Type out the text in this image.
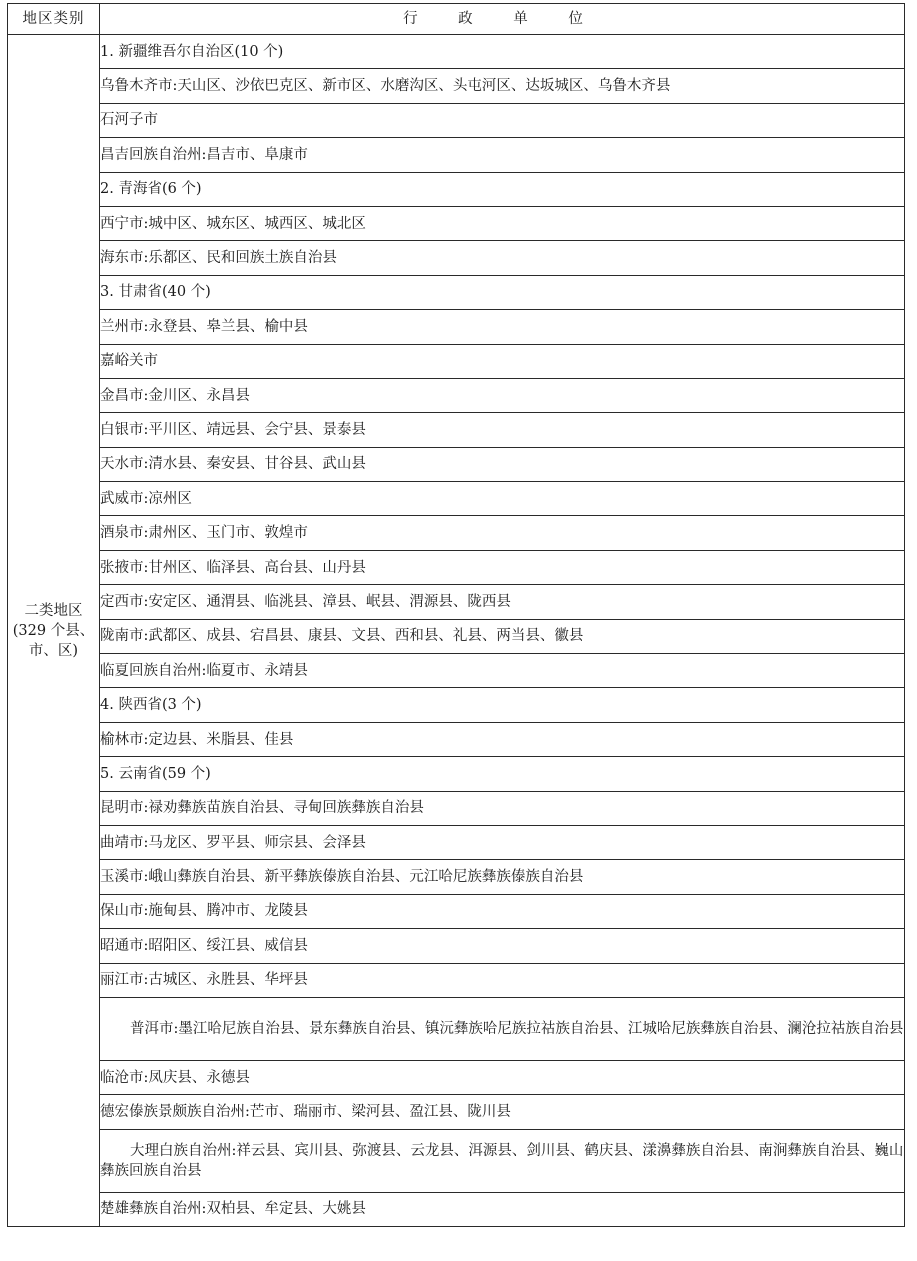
地区类别	行 政 单 位

二类地区
(329 个县、
市、区)	1. 新疆维吾尔自治区(10 个)
	乌鲁木齐市:天山区、沙依巴克区、新市区、水磨沟区、头屯河区、达坂城区、乌鲁木齐县
	石河子市
	昌吉回族自治州:昌吉市、阜康市
	2. 青海省(6 个)
	西宁市:城中区、城东区、城西区、城北区
	海东市:乐都区、民和回族土族自治县
	3. 甘肃省(40 个)
	兰州市:永登县、皋兰县、榆中县
	嘉峪关市
	金昌市:金川区、永昌县
	白银市:平川区、靖远县、会宁县、景泰县
	天水市:清水县、秦安县、甘谷县、武山县
	武威市:凉州区
	酒泉市:肃州区、玉门市、敦煌市
	张掖市:甘州区、临泽县、高台县、山丹县
	定西市:安定区、通渭县、临洮县、漳县、岷县、渭源县、陇西县
	陇南市:武都区、成县、宕昌县、康县、文县、西和县、礼县、两当县、徽县
	临夏回族自治州:临夏市、永靖县
	4. 陕西省(3 个)
	榆林市:定边县、米脂县、佳县
	5. 云南省(59 个)
	昆明市:禄劝彝族苗族自治县、寻甸回族彝族自治县
	曲靖市:马龙区、罗平县、师宗县、会泽县
	玉溪市:峨山彝族自治县、新平彝族傣族自治县、元江哈尼族彝族傣族自治县
	保山市:施甸县、腾冲市、龙陵县
	昭通市:昭阳区、绥江县、威信县
	丽江市:古城区、永胜县、华坪县
	普洱市:墨江哈尼族自治县、景东彝族自治县、镇沅彝族哈尼族拉祜族自治县、江城哈尼族彝族自治县、澜沧拉祜族自治县
	临沧市:凤庆县、永德县
	德宏傣族景颇族自治州:芒市、瑞丽市、梁河县、盈江县、陇川县
	大理白族自治州:祥云县、宾川县、弥渡县、云龙县、洱源县、剑川县、鹤庆县、漾濞彝族自治县、南涧彝族自治县、巍山彝族回族自治县
	楚雄彝族自治州:双柏县、牟定县、大姚县
